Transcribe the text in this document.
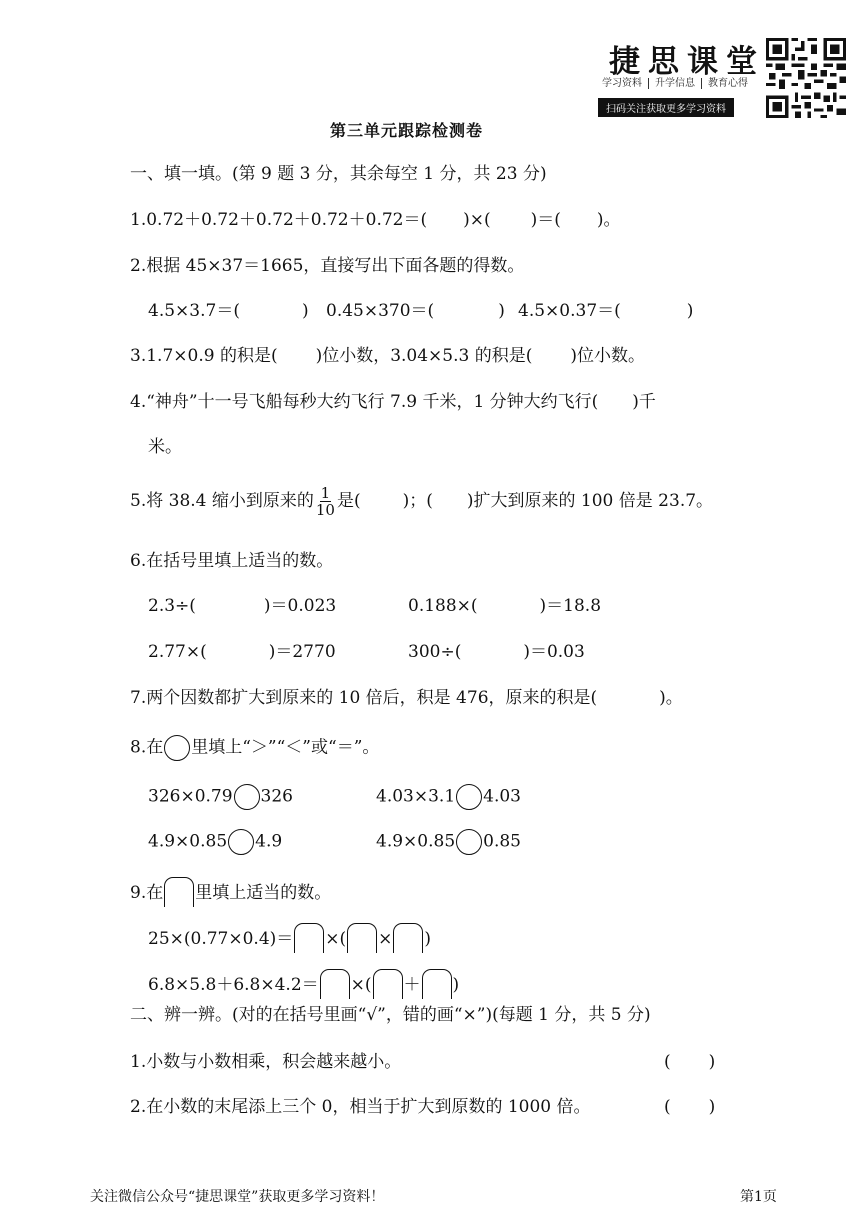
捷思课堂
学习资料 升学信息 教育心得
扫码关注获取更多学习资料
第三单元跟踪检测卷
一、填一填。(第 9 题 3 分，其余每空 1 分，共 23 分)
1.0.72＋0.72＋0.72＋0.72＋0.72＝( )×( )＝( )。
2.根据 45×37＝1665，直接写出下面各题的得数。
4.5×3.7＝(	) 0.45×370＝(	) 4.5×0.37＝(	)
3.1.7×0.9 的积是( )位小数，3.04×5.3 的积是( )位小数。
4.“神舟”十一号飞船每秒大约飞行 7.9 千米，1 分钟大约飞行( )千
米。
5.将 38.4 缩小到原来的 $\frac{1}{10}$ 是( )；( )扩大到原来的 100 倍是 23.7。
6.在括号里填上适当的数。
2.3÷(	)＝0.023	0.188×(	)＝18.8
2.77×(	)＝2770	300÷(	)＝0.03
7.两个因数都扩大到原来的 10 倍后，积是 476，原来的积是(	)。
8.在 里填上“＞”“＜”或“＝”。
326×0.79 326	4.03×3.1 4.03
4.9×0.85 4.9	4.9×0.85 0.85
9.在 里填上适当的数。
25×(0.77×0.4)＝ ×( × )
6.8×5.8＋6.8×4.2＝ ×( ＋ )
二、辨一辨。(对的在括号里画“√”，错的画“×”)(每题 1 分，共 5 分)
1.小数与小数相乘，积会越来越小。	( )
2.在小数的末尾添上三个 0，相当于扩大到原数的 1000 倍。	( )
关注微信公众号“捷思课堂”获取更多学习资料！	第1页
